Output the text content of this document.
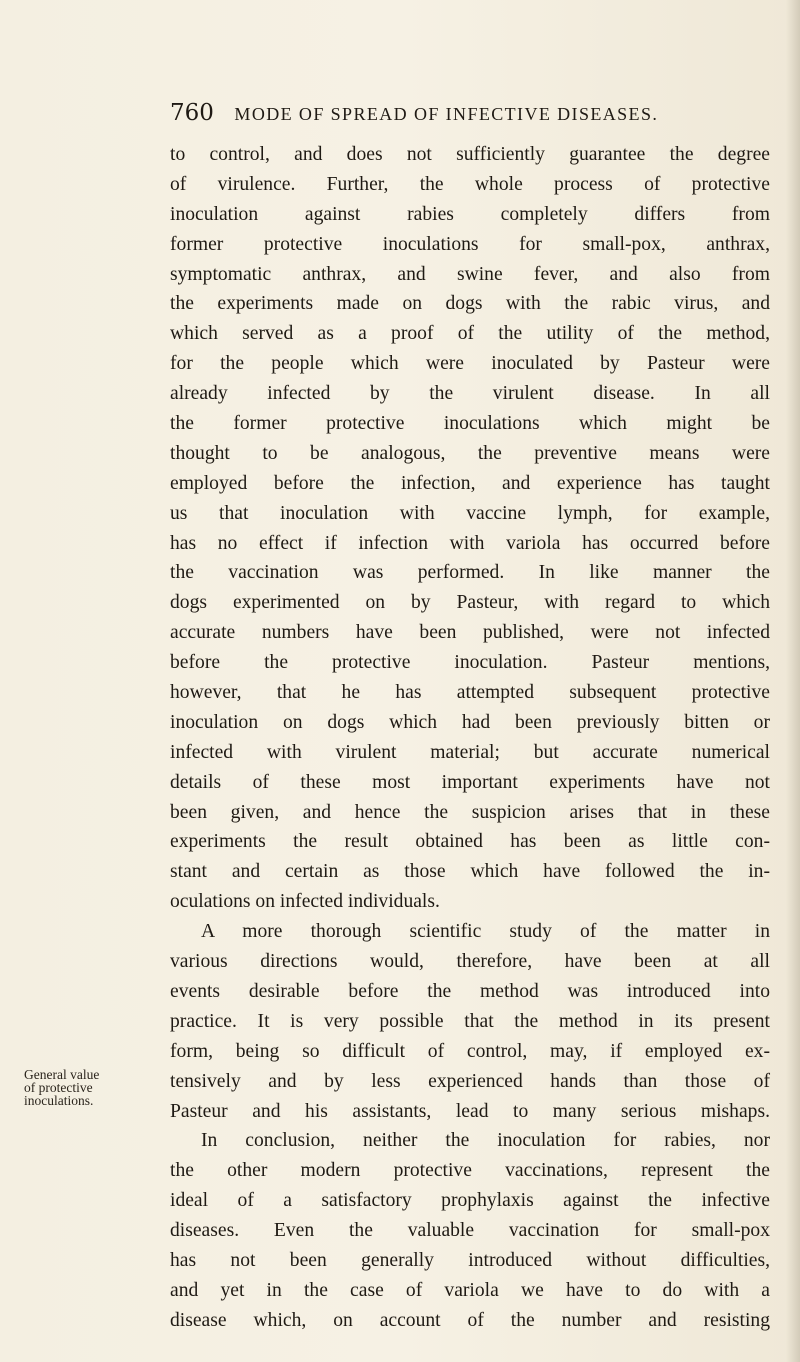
760 MODE OF SPREAD OF INFECTIVE DISEASES.
to control, and does not sufficiently guarantee the degree
of virulence. Further, the whole process of protective
inoculation against rabies completely differs from
former protective inoculations for small-pox, anthrax,
symptomatic anthrax, and swine fever, and also from
the experiments made on dogs with the rabic virus, and
which served as a proof of the utility of the method,
for the people which were inoculated by Pasteur were
already infected by the virulent disease. In all
the former protective inoculations which might be
thought to be analogous, the preventive means were
employed before the infection, and experience has taught
us that inoculation with vaccine lymph, for example,
has no effect if infection with variola has occurred before
the vaccination was performed. In like manner the
dogs experimented on by Pasteur, with regard to which
accurate numbers have been published, were not infected
before the protective inoculation. Pasteur mentions,
however, that he has attempted subsequent protective
inoculation on dogs which had been previously bitten or
infected with virulent material; but accurate numerical
details of these most important experiments have not
been given, and hence the suspicion arises that in these
experiments the result obtained has been as little con-
stant and certain as those which have followed the in-
oculations on infected individuals.
A more thorough scientific study of the matter in
various directions would, therefore, have been at all
events desirable before the method was introduced into
practice. It is very possible that the method in its present
form, being so difficult of control, may, if employed ex-
tensively and by less experienced hands than those of
Pasteur and his assistants, lead to many serious mishaps.
In conclusion, neither the inoculation for rabies, nor
the other modern protective vaccinations, represent the
ideal of a satisfactory prophylaxis against the infective
diseases. Even the valuable vaccination for small-pox
has not been generally introduced without difficulties,
and yet in the case of variola we have to do with a
disease which, on account of the number and resisting
General value
of protective
inoculations.
